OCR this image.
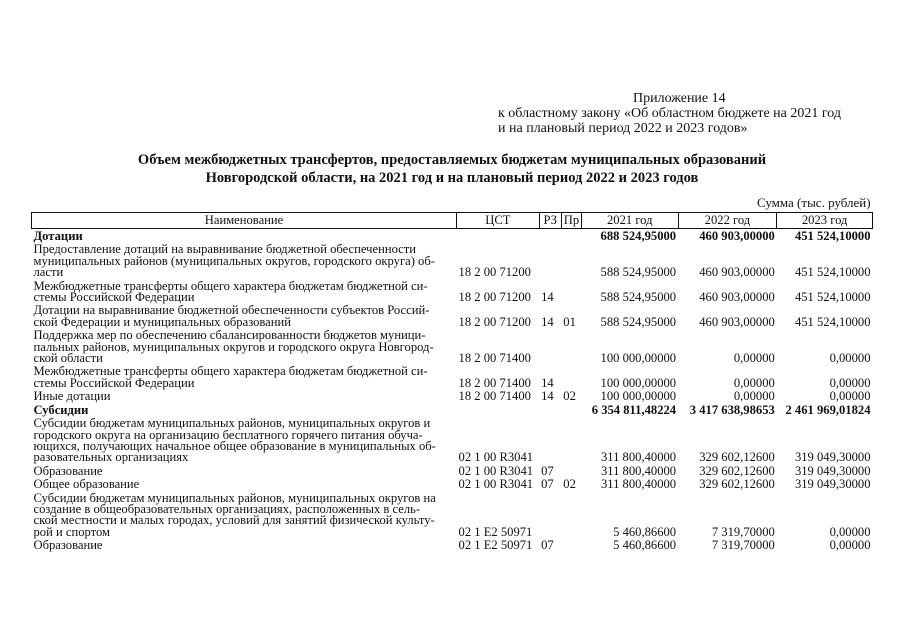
Приложение 14
к областному закону «Об областном бюджете на 2021 год
и на плановый период 2022 и 2023 годов»
Объем межбюджетных трансфертов, предоставляемых бюджетам муниципальных образований
Новгородской области, на 2021 год и на плановый период 2022 и 2023 годов
Сумма (тыс. рублей)
Наименование	ЦСТ	РЗ	Пр	2021 год	2022 год	2023 год

Дотации				688 524,95000	460 903,00000	451 524,10000

Предоставление дотаций на выравнивание бюджетной обеспеченности
муниципальных районов (муниципальных округов, городского округа) об-
ласти	18 2 00 71200			588 524,95000	460 903,00000	451 524,10000

Межбюджетные трансферты общего характера бюджетам бюджетной си-
стемы Российской Федерации	18 2 00 71200	14		588 524,95000	460 903,00000	451 524,10000

Дотации на выравнивание бюджетной обеспеченности субъектов Россий-
ской Федерации и муниципальных образований	18 2 00 71200	14	01	588 524,95000	460 903,00000	451 524,10000

Поддержка мер по обеспечению сбалансированности бюджетов муници-
пальных районов, муниципальных округов и городского округа Новгород-
ской области	18 2 00 71400			100 000,00000	0,00000	0,00000

Межбюджетные трансферты общего характера бюджетам бюджетной си-
стемы Российской Федерации	18 2 00 71400	14		100 000,00000	0,00000	0,00000

Иные дотации	18 2 00 71400	14	02	100 000,00000	0,00000	0,00000

Субсидии				6 354 811,48224	3 417 638,98653	2 461 969,01824

Субсидии бюджетам муниципальных районов, муниципальных округов и
городского округа на организацию бесплатного горячего питания обуча-
ющихся, получающих начальное общее образование в муниципальных об-
разовательных организациях	02 1 00 R3041			311 800,40000	329 602,12600	319 049,30000

Образование	02 1 00 R3041	07		311 800,40000	329 602,12600	319 049,30000

Общее образование	02 1 00 R3041	07	02	311 800,40000	329 602,12600	319 049,30000

Субсидии бюджетам муниципальных районов, муниципальных округов на
создание в общеобразовательных организациях, расположенных в сель-
ской местности и малых городах, условий для занятий физической культу-
рой и спортом	02 1 E2 50971			5 460,86600	7 319,70000	0,00000

Образование	02 1 E2 50971	07		5 460,86600	7 319,70000	0,00000
